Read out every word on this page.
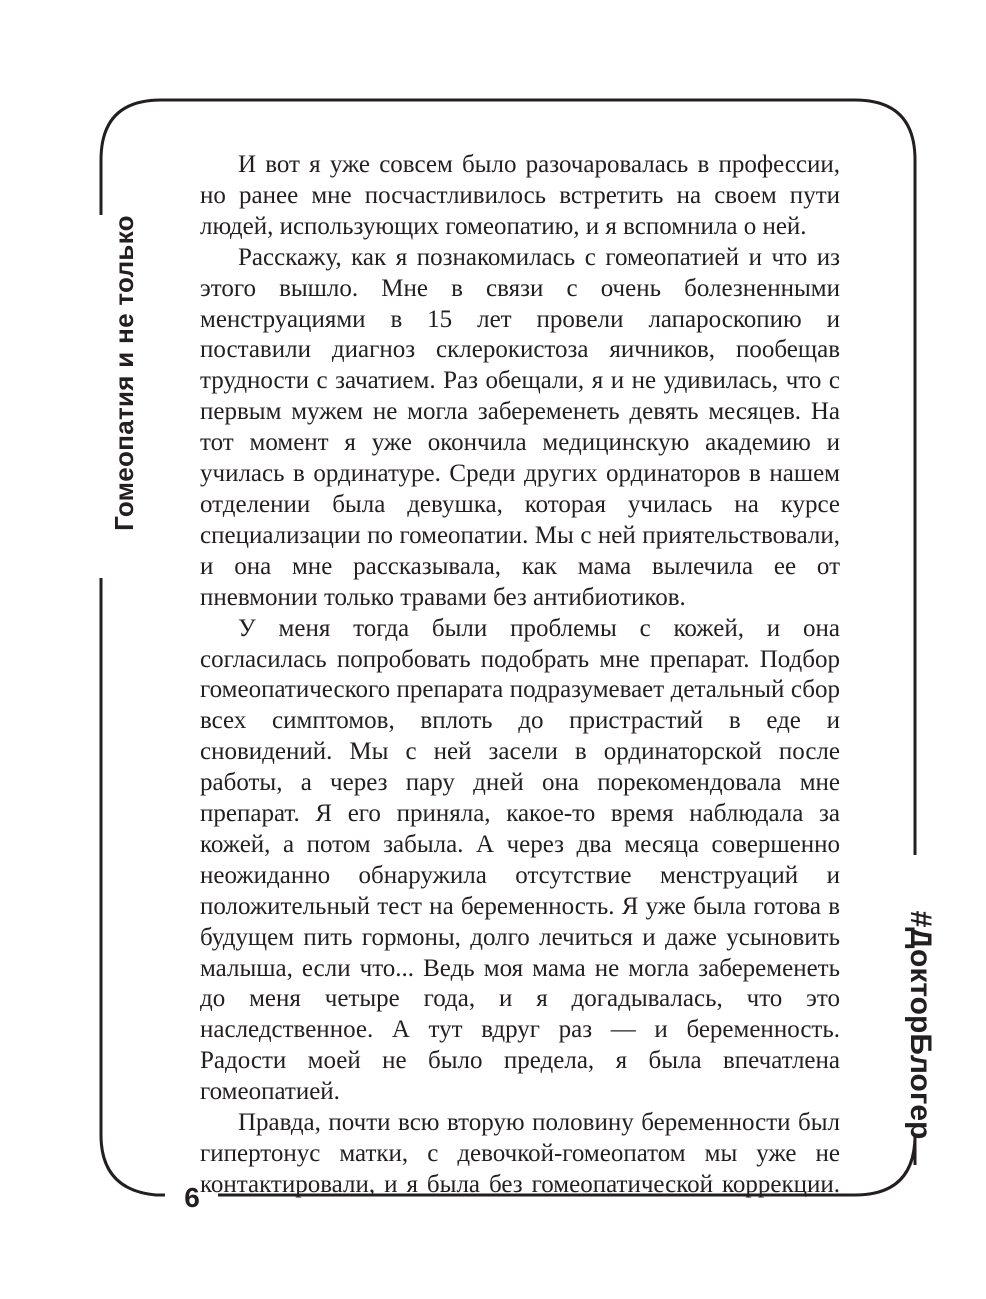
Гомеопатия и не только
#ДокторБлогер
6

И вот я уже совсем было разочаровалась в профессии, но ранее мне посчастливилось встретить на своем пути людей, использующих гомеопатию, и я вспомнила о ней.

Расскажу, как я познакомилась с гомеопатией и что из этого вышло. Мне в связи с очень болезненными менструациями в 15 лет провели лапароскопию и поставили диагноз склерокистоза яичников, пообещав трудности с зачатием. Раз обещали, я и не удивилась, что с первым мужем не могла забеременеть девять месяцев. На тот момент я уже окончила медицинскую академию и училась в ординатуре. Среди других ординаторов в нашем отделении была девушка, которая училась на курсе специализации по гомеопатии. Мы с ней приятельствовали, и она мне рассказывала, как мама вылечила ее от пневмонии только травами без антибиотиков.

У меня тогда были проблемы с кожей, и она согласилась попробовать подобрать мне препарат. Подбор гомеопатического препарата подразумевает детальный сбор всех симптомов, вплоть до пристрастий в еде и сновидений. Мы с ней засели в ординаторской после работы, а через пару дней она порекомендовала мне препарат. Я его приняла, какое-то время наблюдала за кожей, а потом забыла. А через два месяца совершенно неожиданно обнаружила отсутствие менструаций и положительный тест на беременность. Я уже была готова в будущем пить гормоны, долго лечиться и даже усыновить малыша, если что... Ведь моя мама не могла забеременеть до меня четыре года, и я догадывалась, что это наследственное. А тут вдруг раз — и беременность. Радости моей не было предела, я была впечатлена гомеопатией.

Правда, почти всю вторую половину беременности был гипертонус матки, с девочкой-гомеопатом мы уже не контактировали, и я была без гомеопатической коррекции.
